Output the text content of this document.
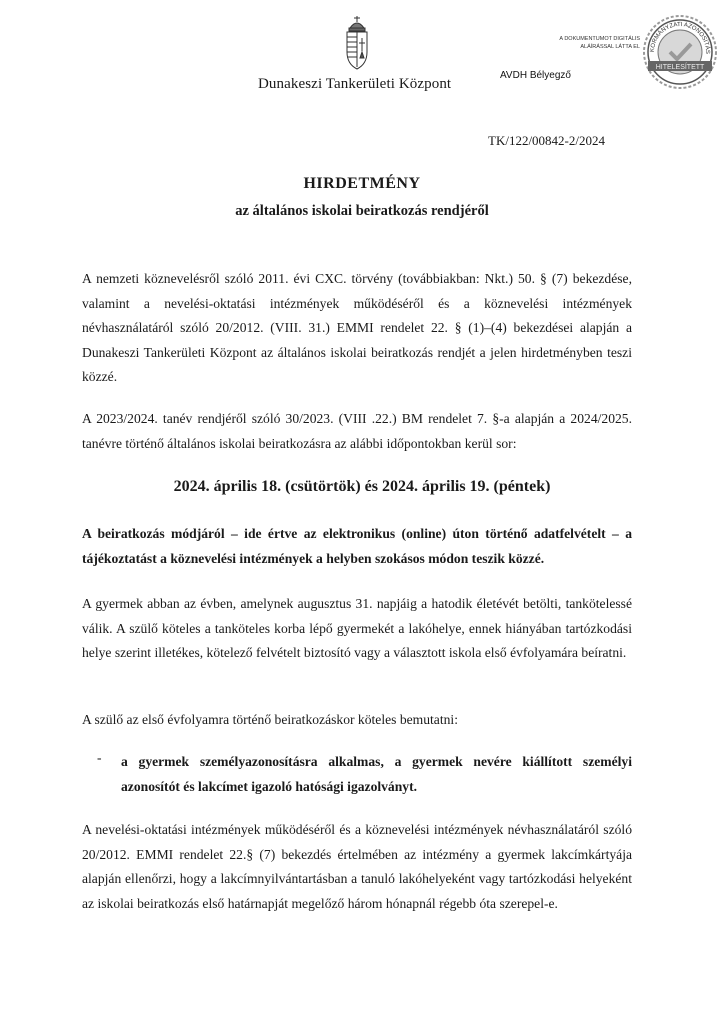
Dunakeszi Tankerületi Központ
A DOKUMENTUMOT DIGITÁLIS
ALÁÍRÁSSAL LÁTTA EL
AVDH Bélyegző
KORMÁNYZATI AZONOSÍTÁS
HITELESÍTETT
TK/122/00842-2/2024
HIRDETMÉNY
az általános iskolai beiratkozás rendjéről

A nemzeti köznevelésről szóló 2011. évi CXC. törvény (továbbiakban: Nkt.) 50. § (7) bekezdése, valamint a nevelési-oktatási intézmények működéséről és a köznevelési intézmények névhasználatáról szóló 20/2012. (VIII. 31.) EMMI rendelet 22. § (1)–(4) bekezdései alapján a Dunakeszi Tankerületi Központ az általános iskolai beiratkozás rendjét a jelen hirdetményben teszi közzé.

A 2023/2024. tanév rendjéről szóló 30/2023. (VIII .22.) BM rendelet 7. §-a alapján a 2024/2025. tanévre történő általános iskolai beiratkozásra az alábbi időpontokban kerül sor:

2024. április 18. (csütörtök) és 2024. április 19. (péntek)

A beiratkozás módjáról – ide értve az elektronikus (online) úton történő adatfelvételt – a tájékoztatást a köznevelési intézmények a helyben szokásos módon teszik közzé.

A gyermek abban az évben, amelynek augusztus 31. napjáig a hatodik életévét betölti, tankötelessé válik. A szülő köteles a tanköteles korba lépő gyermekét a lakóhelye, ennek hiányában tartózkodási helye szerint illetékes, kötelező felvételt biztosító vagy a választott iskola első évfolyamára beíratni.

A szülő az első évfolyamra történő beiratkozáskor köteles bemutatni:

- a gyermek személyazonosításra alkalmas, a gyermek nevére kiállított személyi azonosítót és lakcímet igazoló hatósági igazolványt.

A nevelési-oktatási intézmények működéséről és a köznevelési intézmények névhasználatáról szóló 20/2012. EMMI rendelet 22.§ (7) bekezdés értelmében az intézmény a gyermek lakcímkártyája alapján ellenőrzi, hogy a lakcímnyilvántartásban a tanuló lakóhelyeként vagy tartózkodási helyeként az iskolai beiratkozás első határnapját megelőző három hónapnál régebb óta szerepel-e.
